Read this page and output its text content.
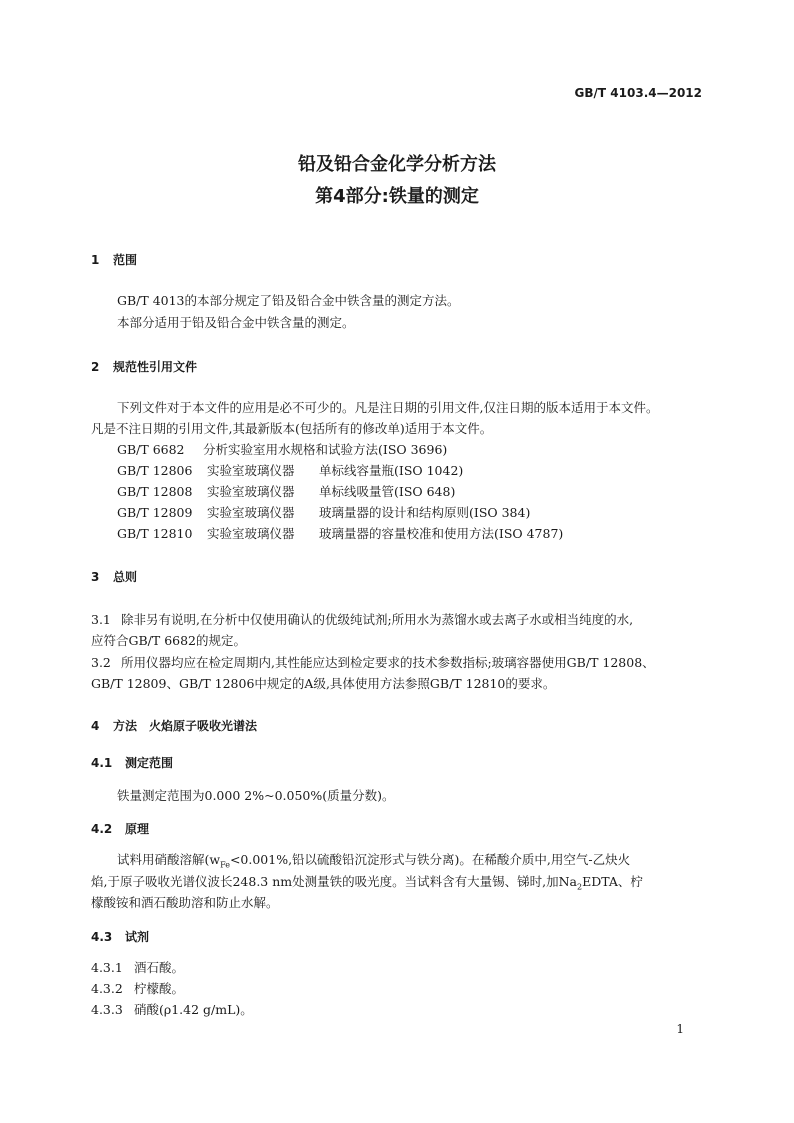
GB/T 4103.4—2012
铅及铅合金化学分析方法
第4部分:铁量的测定
1 范围
GB/T 4013的本部分规定了铅及铅合金中铁含量的测定方法。
本部分适用于铅及铅合金中铁含量的测定。
2 规范性引用文件
下列文件对于本文件的应用是必不可少的。凡是注日期的引用文件,仅注日期的版本适用于本文件。
凡是不注日期的引用文件,其最新版本(包括所有的修改单)适用于本文件。
GB/T 6682 分析实验室用水规格和试验方法(ISO 3696)
GB/T 12806 实验室玻璃仪器 单标线容量瓶(ISO 1042)
GB/T 12808 实验室玻璃仪器 单标线吸量管(ISO 648)
GB/T 12809 实验室玻璃仪器 玻璃量器的设计和结构原则(ISO 384)
GB/T 12810 实验室玻璃仪器 玻璃量器的容量校准和使用方法(ISO 4787)
3 总则
3.1 除非另有说明,在分析中仅使用确认的优级纯试剂;所用水为蒸馏水或去离子水或相当纯度的水,
应符合GB/T 6682的规定。
3.2 所用仪器均应在检定周期内,其性能应达到检定要求的技术参数指标;玻璃容器使用GB/T 12808、
GB/T 12809、GB/T 12806中规定的A级,具体使用方法参照GB/T 12810的要求。
4 方法　火焰原子吸收光谱法
4.1 测定范围
铁量测定范围为0.000 2%~0.050%(质量分数)。
4.2 原理
试料用硝酸溶解($w_{Fe}<0.001\%$,铅以硫酸铅沉淀形式与铁分离)。在稀酸介质中,用空气-乙炔火
焰,于原子吸收光谱仪波长248.3 nm处测量铁的吸光度。当试料含有大量锡、锑时,加$Na_2EDTA$、柠
檬酸铵和酒石酸助溶和防止水解。
4.3 试剂
4.3.1 酒石酸。
4.3.2 柠檬酸。
4.3.3 硝酸(ρ1.42 g/mL)。
1
